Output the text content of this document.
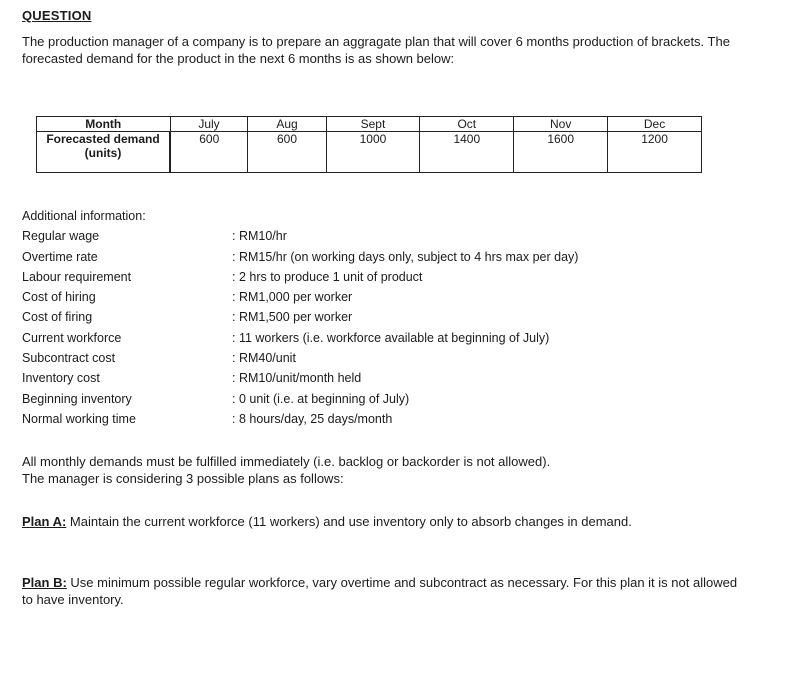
QUESTION

The production manager of a company is to prepare an aggragate plan that will cover 6 months production of brackets. The forecasted demand for the product in the next 6 months is as shown below:

Month	July	Aug	Sept	Oct	Nov	Dec
Forecasted demand (units)	600	600	1000	1400	1600	1200
Additional information:
Regular wage	: RM10/hr
Overtime rate	: RM15/hr (on working days only, subject to 4 hrs max per day)
Labour requirement	: 2 hrs to produce 1 unit of product
Cost of hiring	: RM1,000 per worker
Cost of firing	: RM1,500 per worker
Current workforce	: 11 workers (i.e. workforce available at beginning of July)
Subcontract cost	: RM40/unit
Inventory cost	: RM10/unit/month held
Beginning inventory	: 0 unit (i.e. at beginning of July)
Normal working time	: 8 hours/day, 25 days/month

All monthly demands must be fulfilled immediately (i.e. backlog or backorder is not allowed).

The manager is considering 3 possible plans as follows:

Plan A: Maintain the current workforce (11 workers) and use inventory only to absorb changes in demand.

Plan B: Use minimum possible regular workforce, vary overtime and subcontract as necessary. For this plan it is not allowed to have inventory.
